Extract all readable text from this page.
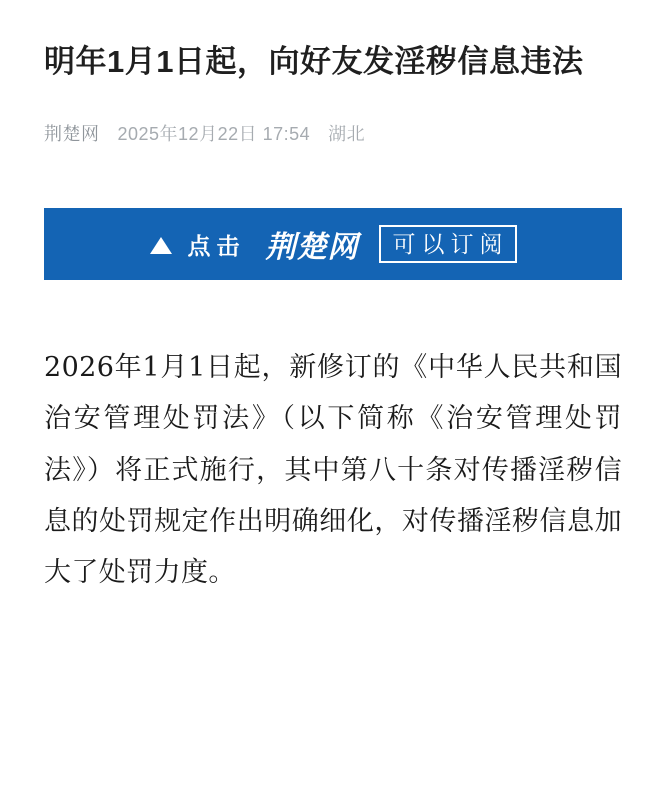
明年1月1日起，向好友发淫秽信息违法
荆楚网 2025年12月22日 17:54 湖北
点击 荆楚网	可以订阅

2026年1月1日起，新修订的《中华人民共和国治安管理处罚法》（以下简称《治安管理处罚法》）将正式施行，其中第八十条对传播淫秽信息的处罚规定作出明确细化，对传播淫秽信息加大了处罚力度。
